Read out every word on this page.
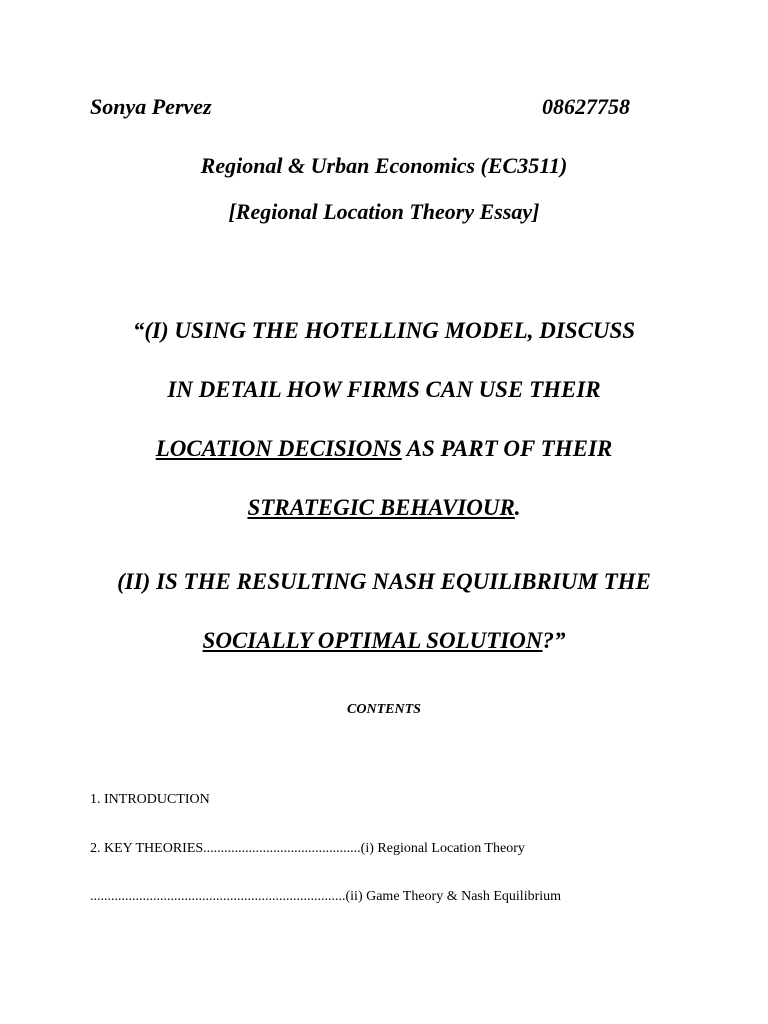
Sonya Pervez	08627758
Regional & Urban Economics (EC3511)
[Regional Location Theory Essay]
“(I) USING THE HOTELLING MODEL, DISCUSS
IN DETAIL HOW FIRMS CAN USE THEIR
LOCATION DECISIONS AS PART OF THEIR
STRATEGIC BEHAVIOUR.
(II) IS THE RESULTING NASH EQUILIBRIUM THE
SOCIALLY OPTIMAL SOLUTION?”
CONTENTS
1. INTRODUCTION
2. KEY THEORIES.............................................(i) Regional Location Theory
.........................................................................(ii) Game Theory & Nash Equilibrium
